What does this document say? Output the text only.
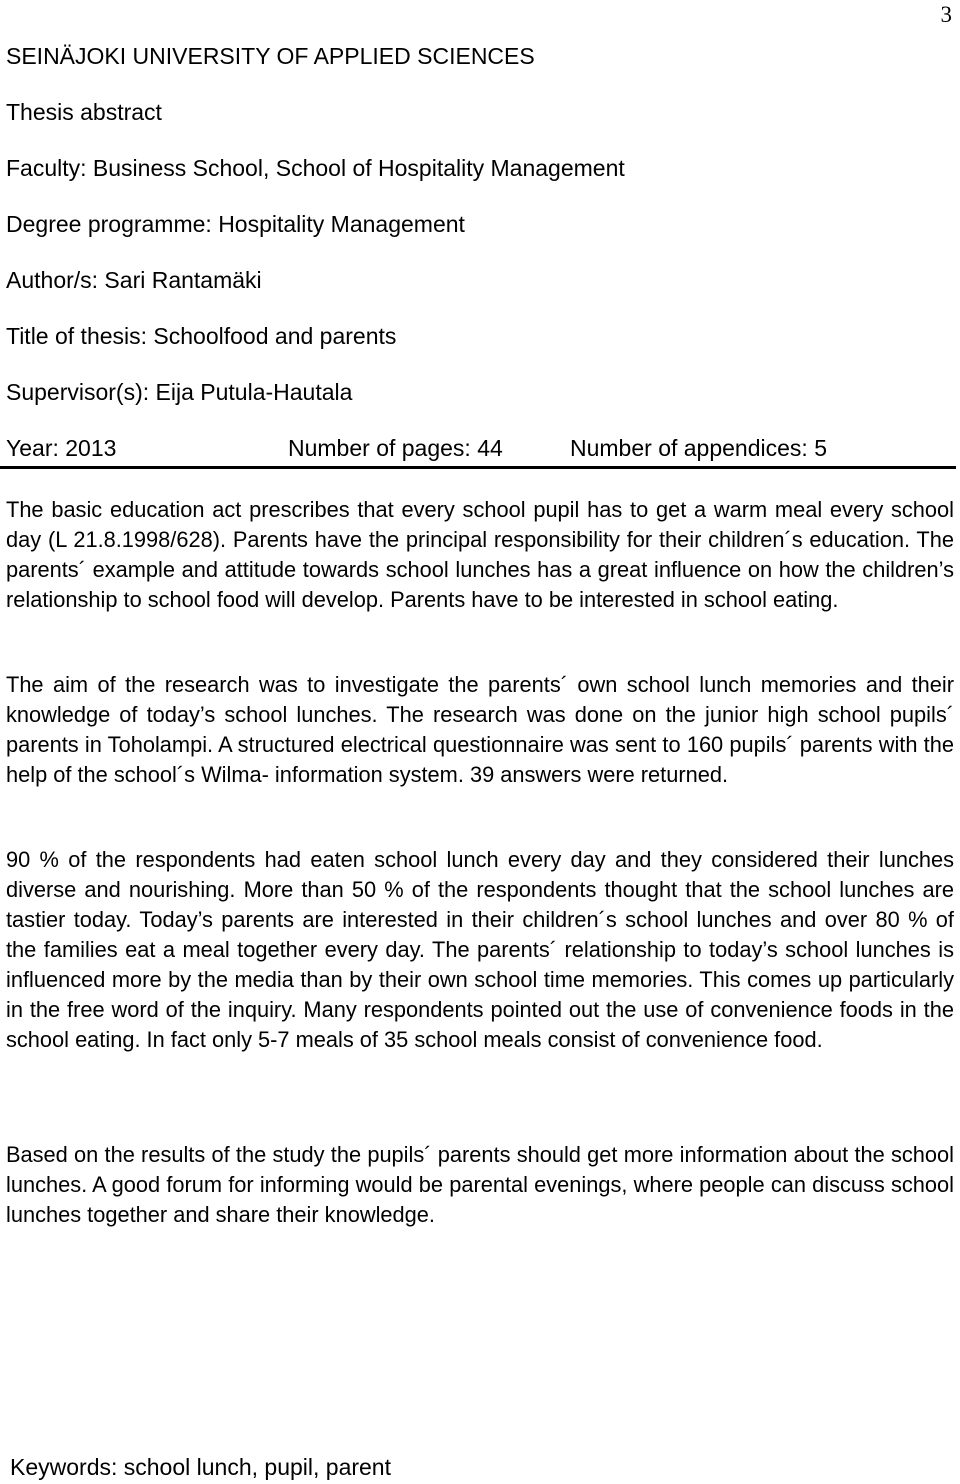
3
SEINÄJOKI UNIVERSITY OF APPLIED SCIENCES
Thesis abstract
Faculty: Business School, School of Hospitality Management
Degree programme: Hospitality Management
Author/s: Sari Rantamäki
Title of thesis: Schoolfood and parents
Supervisor(s): Eija Putula-Hautala
Year: 2013	Number of pages: 44	Number of appendices: 5

The basic education act prescribes that every school pupil has to get a warm meal every school day (L 21.8.1998/628). Parents have the principal responsibility for their children´s education. The parents´ example and attitude towards school lunches has a great influence on how the children’s relationship to school food will develop. Parents have to be interested in school eating.

The aim of the research was to investigate the parents´ own school lunch memories and their knowledge of today’s school lunches. The research was done on the junior high school pupils´ parents in Toholampi. A structured electrical questionnaire was sent to 160 pupils´ parents with the help of the school´s Wilma- information system. 39 answers were returned.

90 % of the respondents had eaten school lunch every day and they considered their lunches diverse and nourishing. More than 50 % of the respondents thought that the school lunches are tastier today. Today’s parents are interested in their children´s school lunches and over 80 % of the families eat a meal together every day. The parents´ relationship to today’s school lunches is influenced more by the media than by their own school time memories. This comes up particularly in the free word of the inquiry. Many respondents pointed out the use of convenience foods in the school eating. In fact only 5-7 meals of 35 school meals consist of convenience food.

Based on the results of the study the pupils´ parents should get more information about the school lunches. A good forum for informing would be parental evenings, where people can discuss school lunches together and share their knowledge.

Keywords: school lunch, pupil, parent
